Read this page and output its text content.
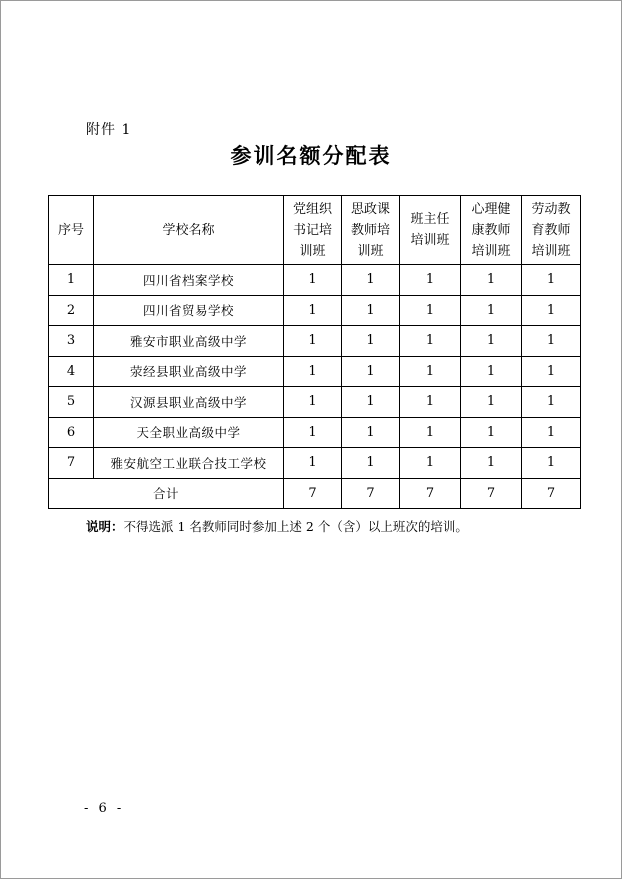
附件 1
参训名额分配表
序号	学校名称	党组织书记培训班	思政课教师培训班	班主任培训班	心理健康教师培训班	劳动教育教师培训班
1	四川省档案学校	1	1	1	1	1
2	四川省贸易学校	1	1	1	1	1
3	雅安市职业高级中学	1	1	1	1	1
4	荥经县职业高级中学	1	1	1	1	1
5	汉源县职业高级中学	1	1	1	1	1
6	天全职业高级中学	1	1	1	1	1
7	雅安航空工业联合技工学校	1	1	1	1	1
合计		7	7	7	7	7
说明：不得选派 1 名教师同时参加上述 2 个（含）以上班次的培训。
- 6 -
